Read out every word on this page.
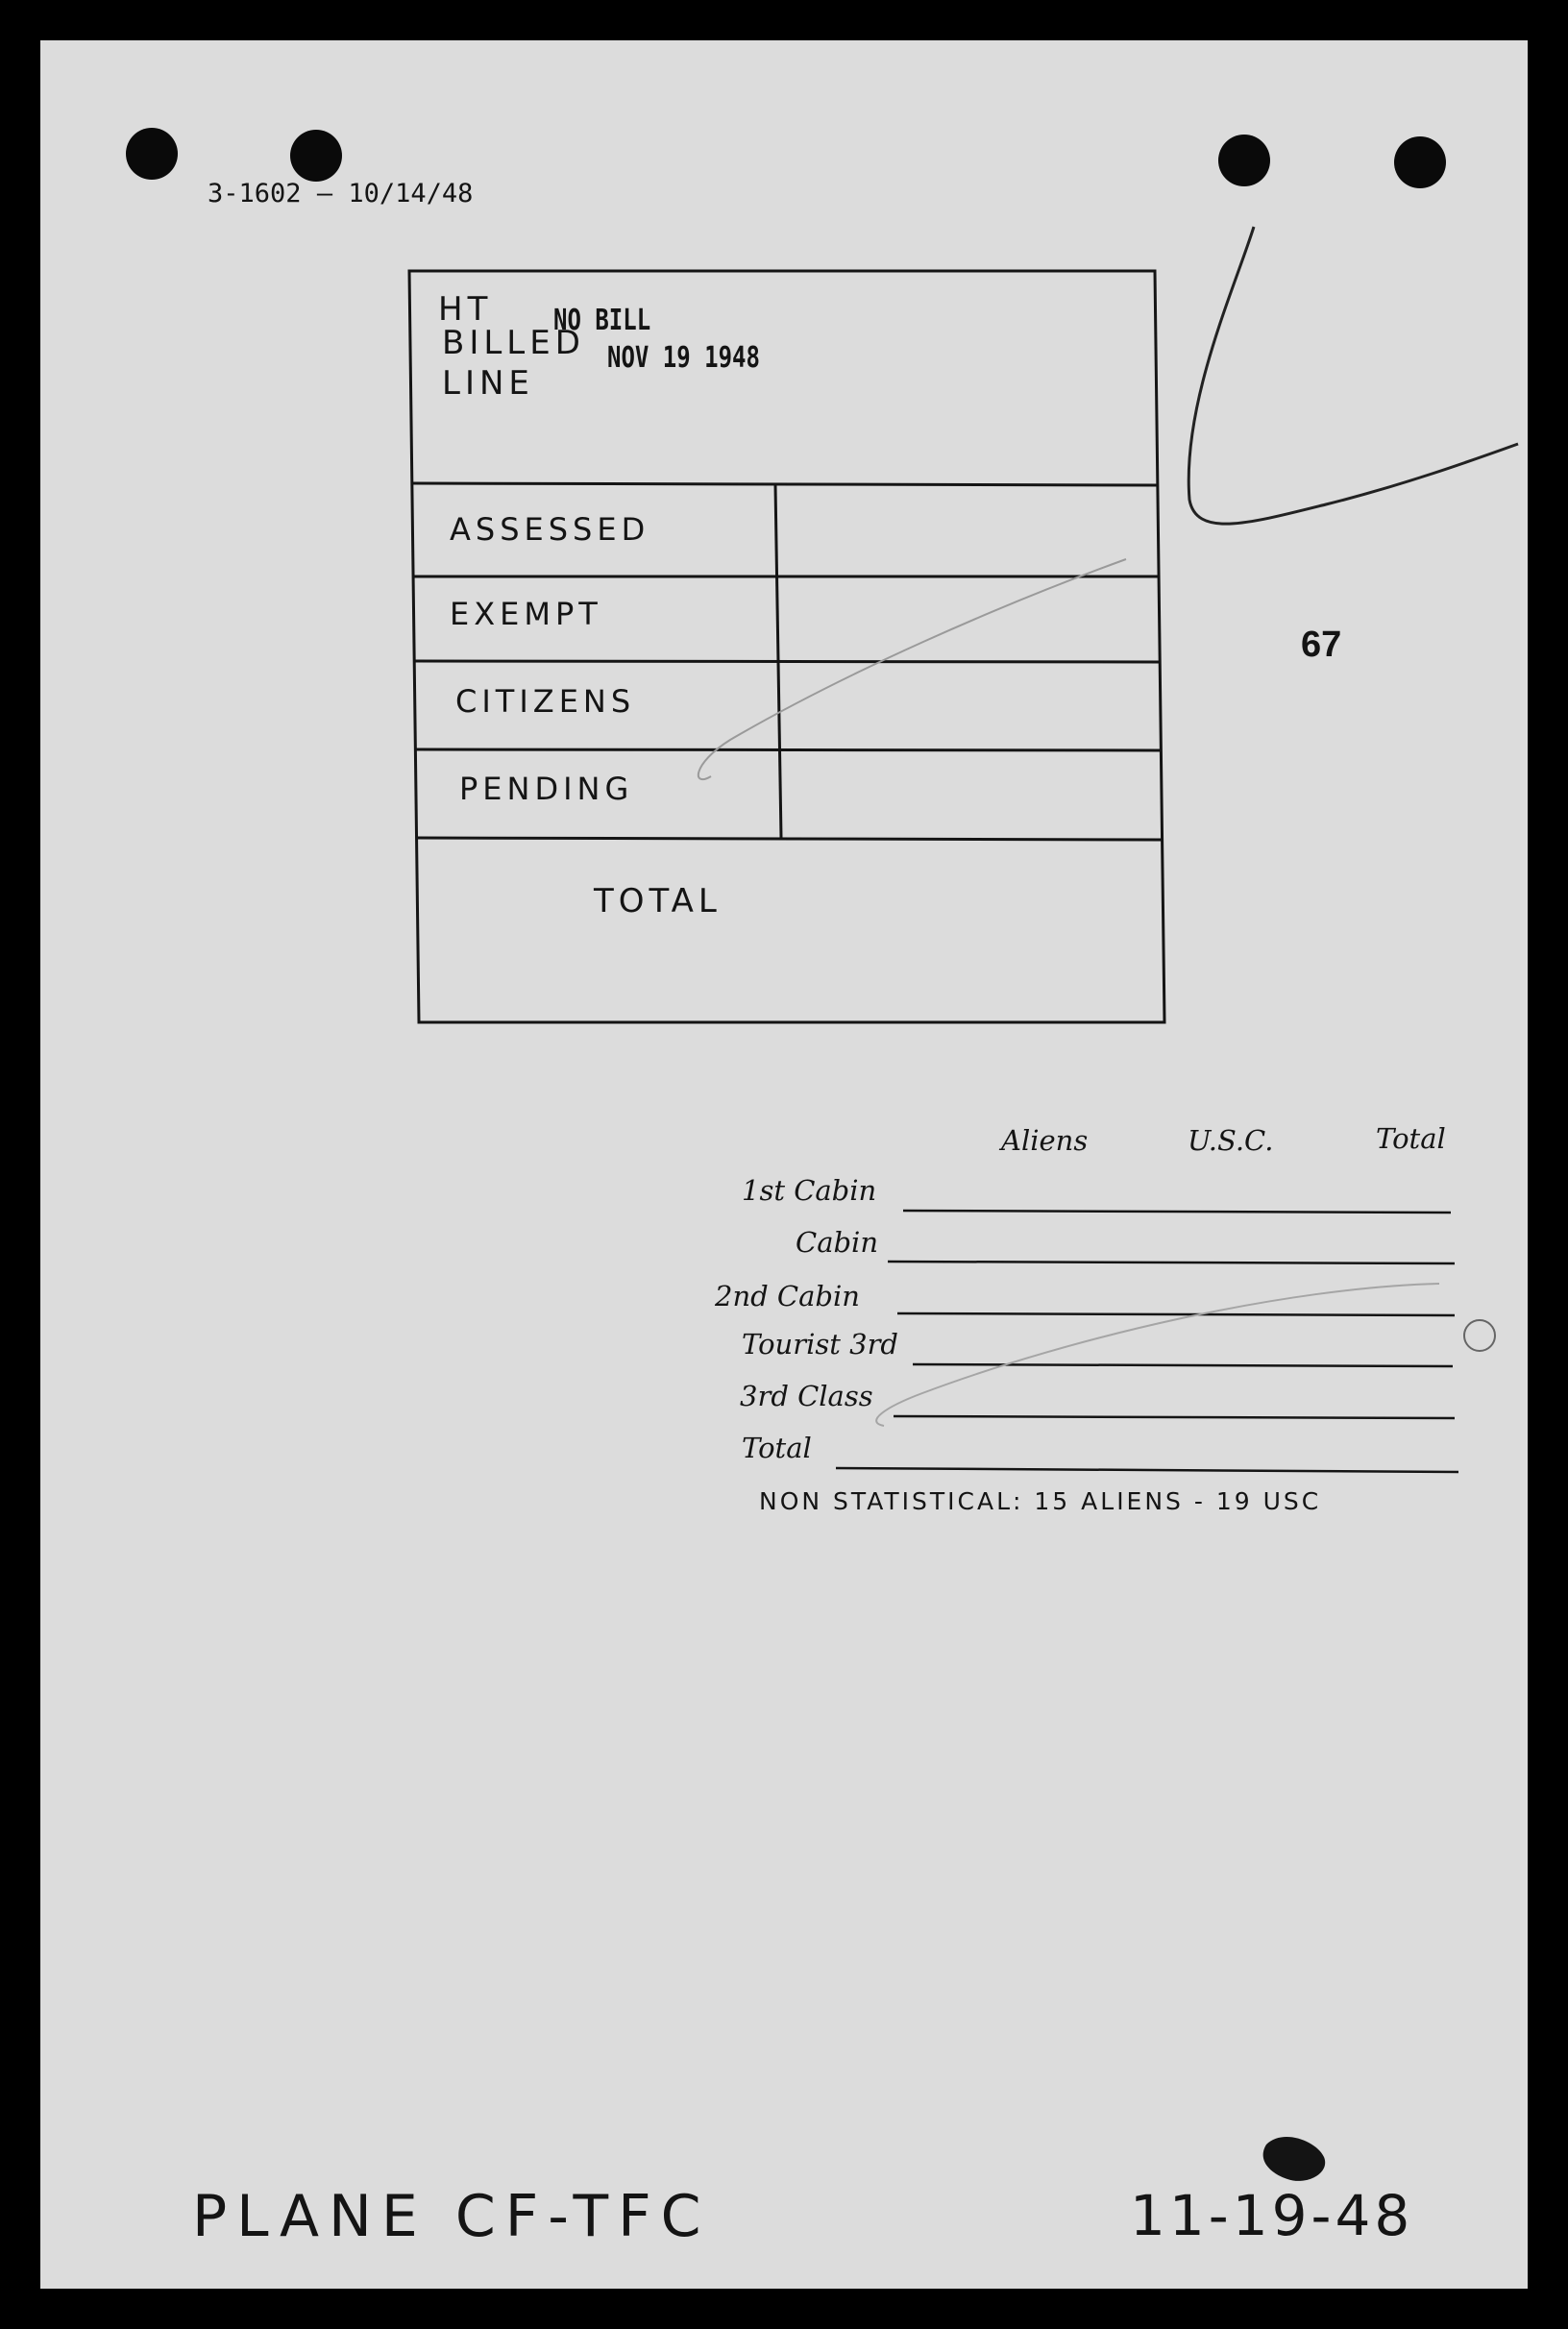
3-1602 — 10/14/48
HT
BILLED
LINE
NO BILL
NOV 19 1948
ASSESSED
EXEMPT
CITIZENS
PENDING
TOTAL
67
Aliens	U.S.C.	Total
1st Cabin
Cabin
2nd Cabin
Tourist 3rd
3rd Class
Total
NON STATISTICAL: 15 ALIENS - 19 USC
PLANE CF-TFC	11-19-48
